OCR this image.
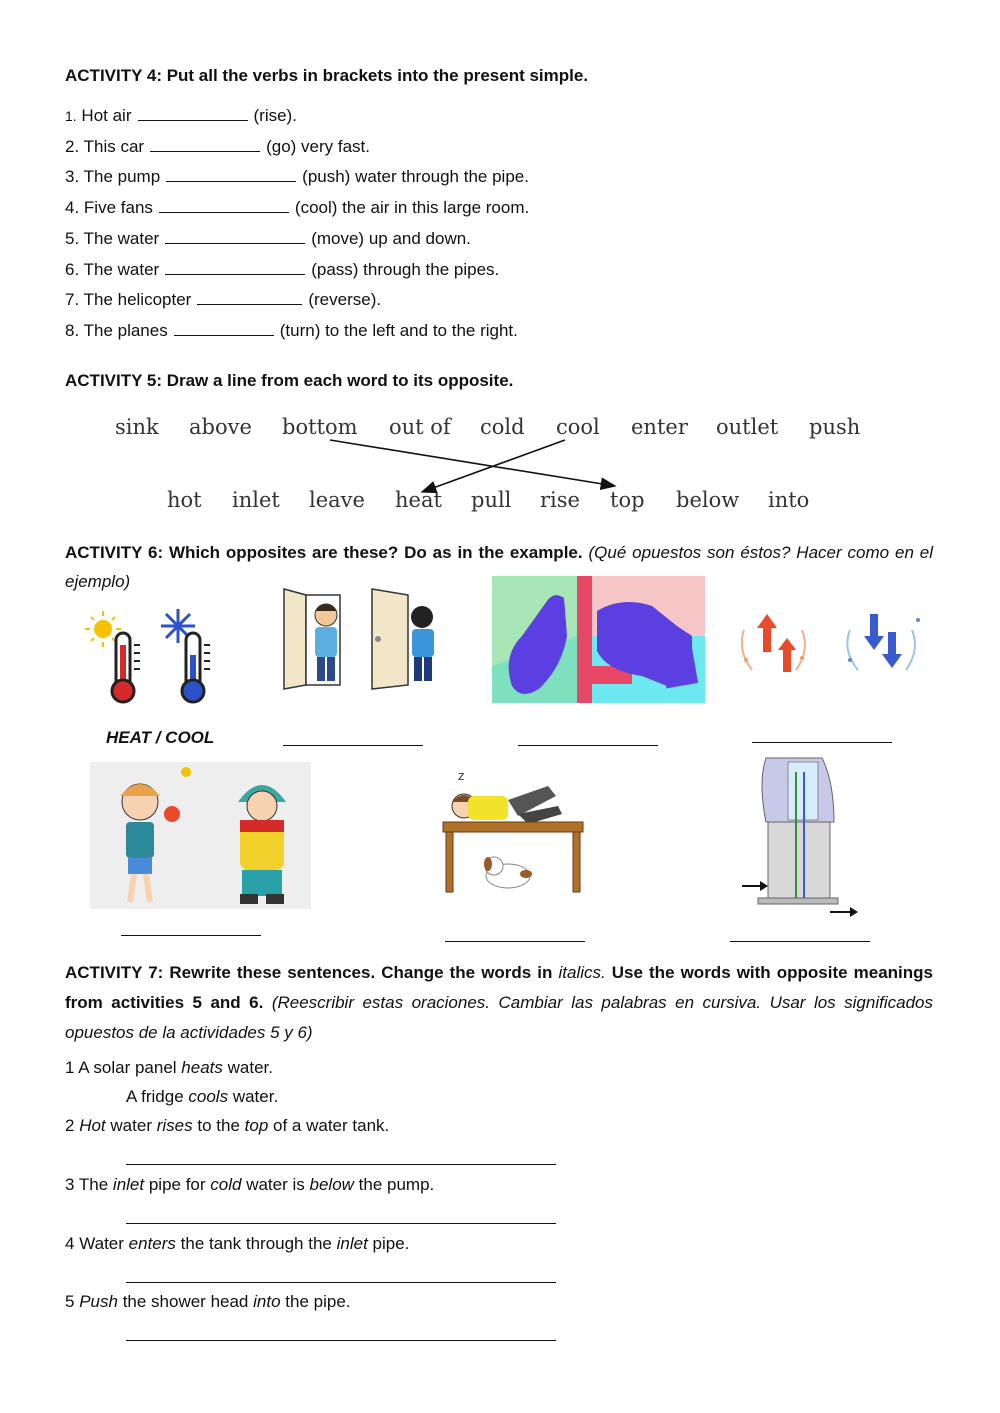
ACTIVITY 4: Put all the verbs in brackets into the present simple.
1. Hot air	(rise).
2. This car	(go) very fast.
3. The pump	(push) water through the pipe.
4. Five fans	(cool) the air in this large room.
5. The water	(move) up and down.
6. The water	(pass) through the pipes.
7. The helicopter	(reverse).
8. The planes	(turn) to the left and to the right.
ACTIVITY 5: Draw a line from each word to its opposite.
sink above bottom out of cold cool enter outlet push
hot inlet leave heat pull rise top below into
ACTIVITY 6: Which opposites are these? Do as in the example. (Qué opuestos son éstos? Hacer como en el ejemplo)
HEAT / COOL
z
ACTIVITY 7: Rewrite these sentences. Change the words in italics. Use the words with opposite meanings from activities 5 and 6. (Reescribir estas oraciones. Cambiar las palabras en cursiva. Usar los significados opuestos de la actividades 5 y 6)
1 A solar panel heats water.
A fridge cools water.
2 Hot water rises to the top of a water tank.
3 The inlet pipe for cold water is below the pump.
4 Water enters the tank through the inlet pipe.
5 Push the shower head into the pipe.
